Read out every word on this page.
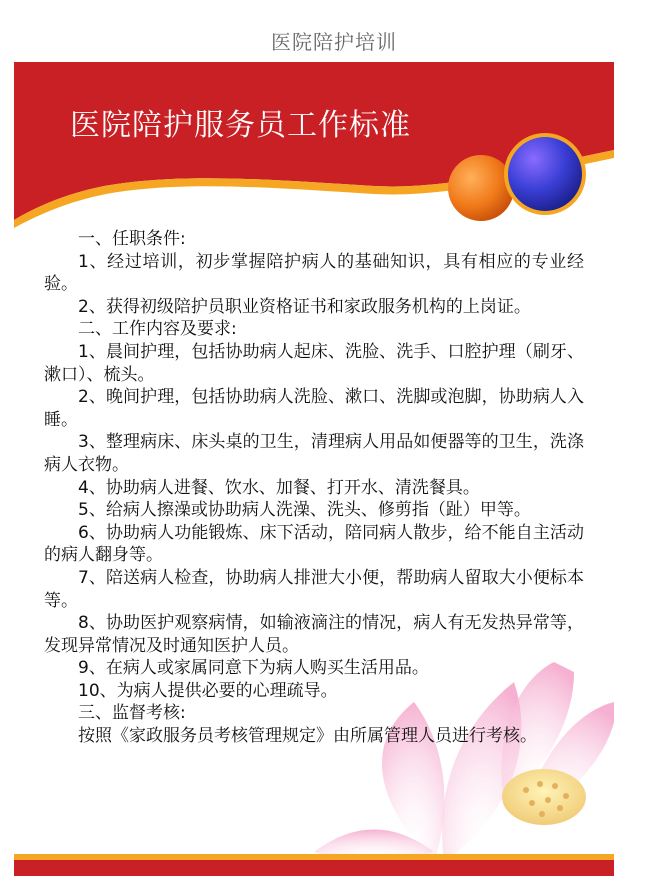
医院陪护培训
医院陪护服务员工作标准

一、任职条件:

1、经过培训，初步掌握陪护病人的基础知识，具有相应的专业经验。

2、获得初级陪护员职业资格证书和家政服务机构的上岗证。

二、工作内容及要求:

1、晨间护理，包括协助病人起床、洗脸、洗手、口腔护理（刷牙、漱口）、梳头。

2、晚间护理，包括协助病人洗脸、漱口、洗脚或泡脚，协助病人入睡。

3、整理病床、床头桌的卫生，清理病人用品如便器等的卫生，洗涤病人衣物。

4、协助病人进餐、饮水、加餐、打开水、清洗餐具。

5、给病人擦澡或协助病人洗澡、洗头、修剪指（趾）甲等。

6、协助病人功能锻炼、床下活动，陪同病人散步，给不能自主活动的病人翻身等。

7、陪送病人检查，协助病人排泄大小便，帮助病人留取大小便标本等。

8、协助医护观察病情，如输液滴注的情况，病人有无发热异常等，发现异常情况及时通知医护人员。

9、在病人或家属同意下为病人购买生活用品。

10、为病人提供必要的心理疏导。

三、监督考核:

按照《家政服务员考核管理规定》由所属管理人员进行考核。
